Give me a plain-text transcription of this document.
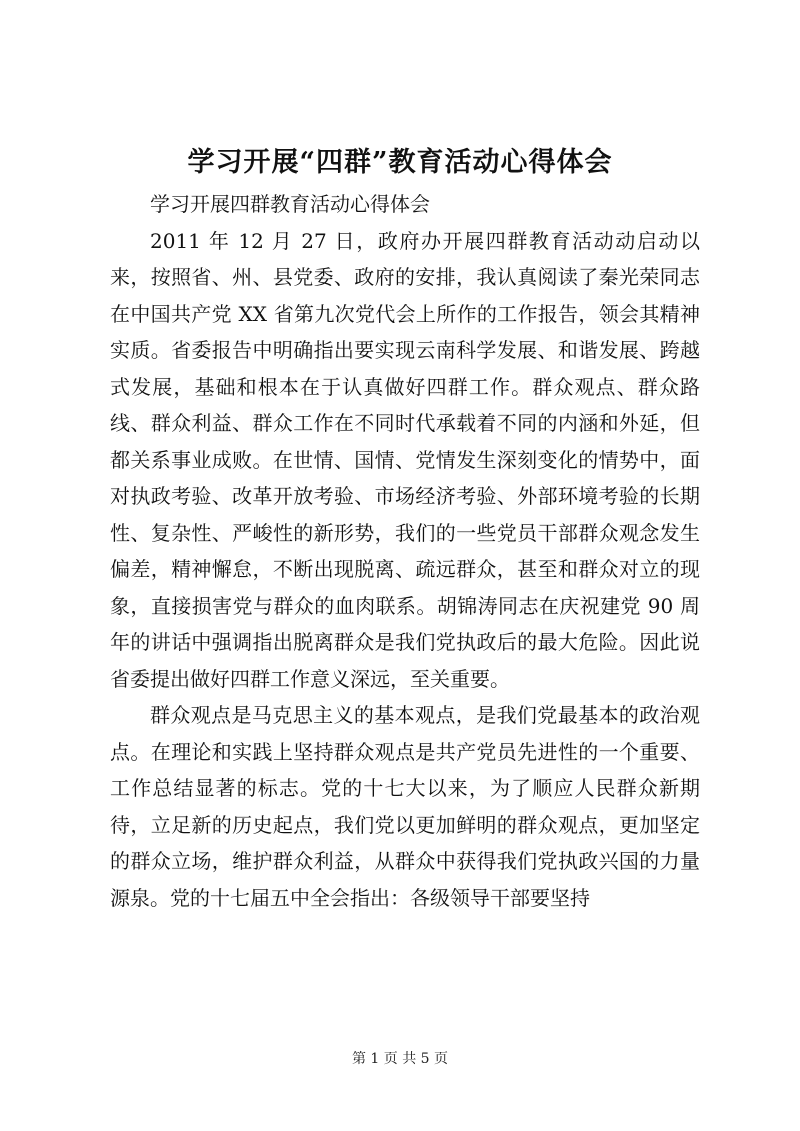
学习开展“四群”教育活动心得体会

学习开展四群教育活动心得体会

2011 年 12 月 27 日，政府办开展四群教育活动动启动以来，按照省、州、县党委、政府的安排，我认真阅读了秦光荣同志在中国共产党 XX 省第九次党代会上所作的工作报告，领会其精神实质。省委报告中明确指出要实现云南科学发展、和谐发展、跨越式发展，基础和根本在于认真做好四群工作。群众观点、群众路线、群众利益、群众工作在不同时代承载着不同的内涵和外延，但都关系事业成败。在世情、国情、党情发生深刻变化的情势中，面对执政考验、改革开放考验、市场经济考验、外部环境考验的长期性、复杂性、严峻性的新形势，我们的一些党员干部群众观念发生偏差，精神懈怠，不断出现脱离、疏远群众，甚至和群众对立的现象，直接损害党与群众的血肉联系。胡锦涛同志在庆祝建党 90 周年的讲话中强调指出脱离群众是我们党执政后的最大危险。因此说省委提出做好四群工作意义深远，至关重要。

群众观点是马克思主义的基本观点，是我们党最基本的政治观点。在理论和实践上坚持群众观点是共产党员先进性的一个重要、工作总结显著的标志。党的十七大以来，为了顺应人民群众新期待，立足新的历史起点，我们党以更加鲜明的群众观点，更加坚定的群众立场，维护群众利益，从群众中获得我们党执政兴国的力量源泉。党的十七届五中全会指出：各级领导干部要坚持

第 1 页 共 5 页
